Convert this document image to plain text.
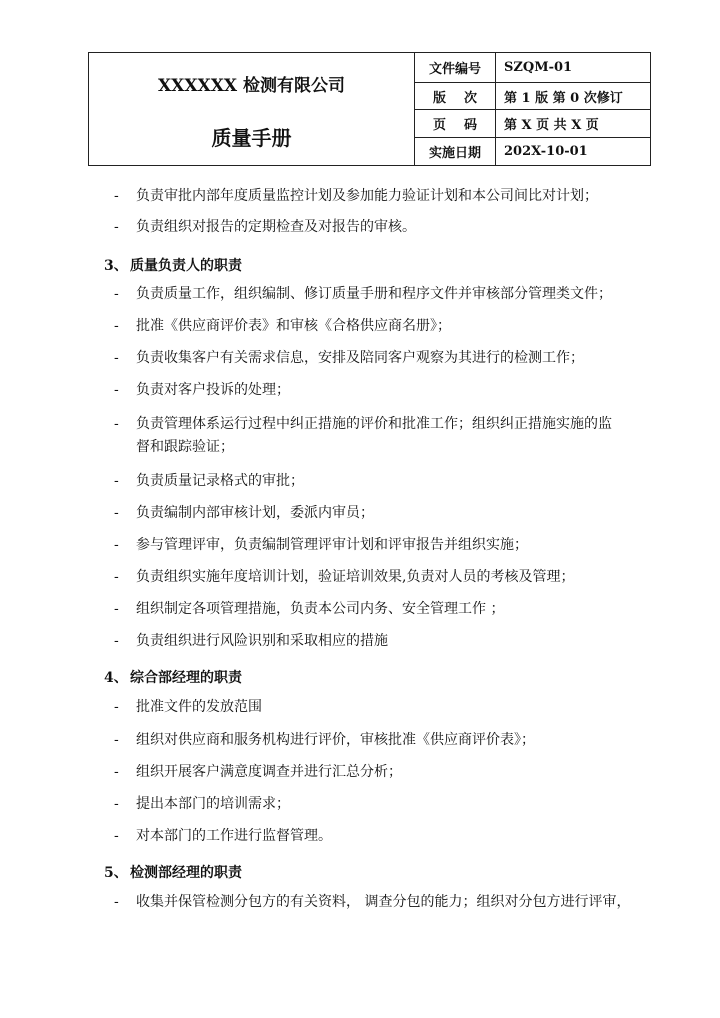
XXXXXX 检测有限公司
质量手册	文件编号	SZQM-01
	版    次	第 1 版 第 0 次修订
	页    码	第 X 页 共 X 页
	实施日期	202X-10-01
- 负责审批内部年度质量监控计划及参加能力验证计划和本公司间比对计划；
- 负责组织对报告的定期检查及对报告的审核。
3、 质量负责人的职责
- 负责质量工作，组织编制、修订质量手册和程序文件并审核部分管理类文件；
- 批准《供应商评价表》和审核《合格供应商名册》；
- 负责收集客户有关需求信息，安排及陪同客户观察为其进行的检测工作；
- 负责对客户投诉的处理；
- 负责管理体系运行过程中纠正措施的评价和批准工作；组织纠正措施实施的监
督和跟踪验证；
- 负责质量记录格式的审批；
- 负责编制内部审核计划，委派内审员；
- 参与管理评审，负责编制管理评审计划和评审报告并组织实施；
- 负责组织实施年度培训计划，验证培训效果,负责对人员的考核及管理；
- 组织制定各项管理措施，负责本公司内务、安全管理工作 ；
- 负责组织进行风险识别和采取相应的措施
4、 综合部经理的职责
- 批准文件的发放范围
- 组织对供应商和服务机构进行评价，审核批准《供应商评价表》；
- 组织开展客户满意度调查并进行汇总分析；
- 提出本部门的培训需求；
- 对本部门的工作进行监督管理。
5、 检测部经理的职责
- 收集并保管检测分包方的有关资料， 调查分包的能力；组织对分包方进行评审，
